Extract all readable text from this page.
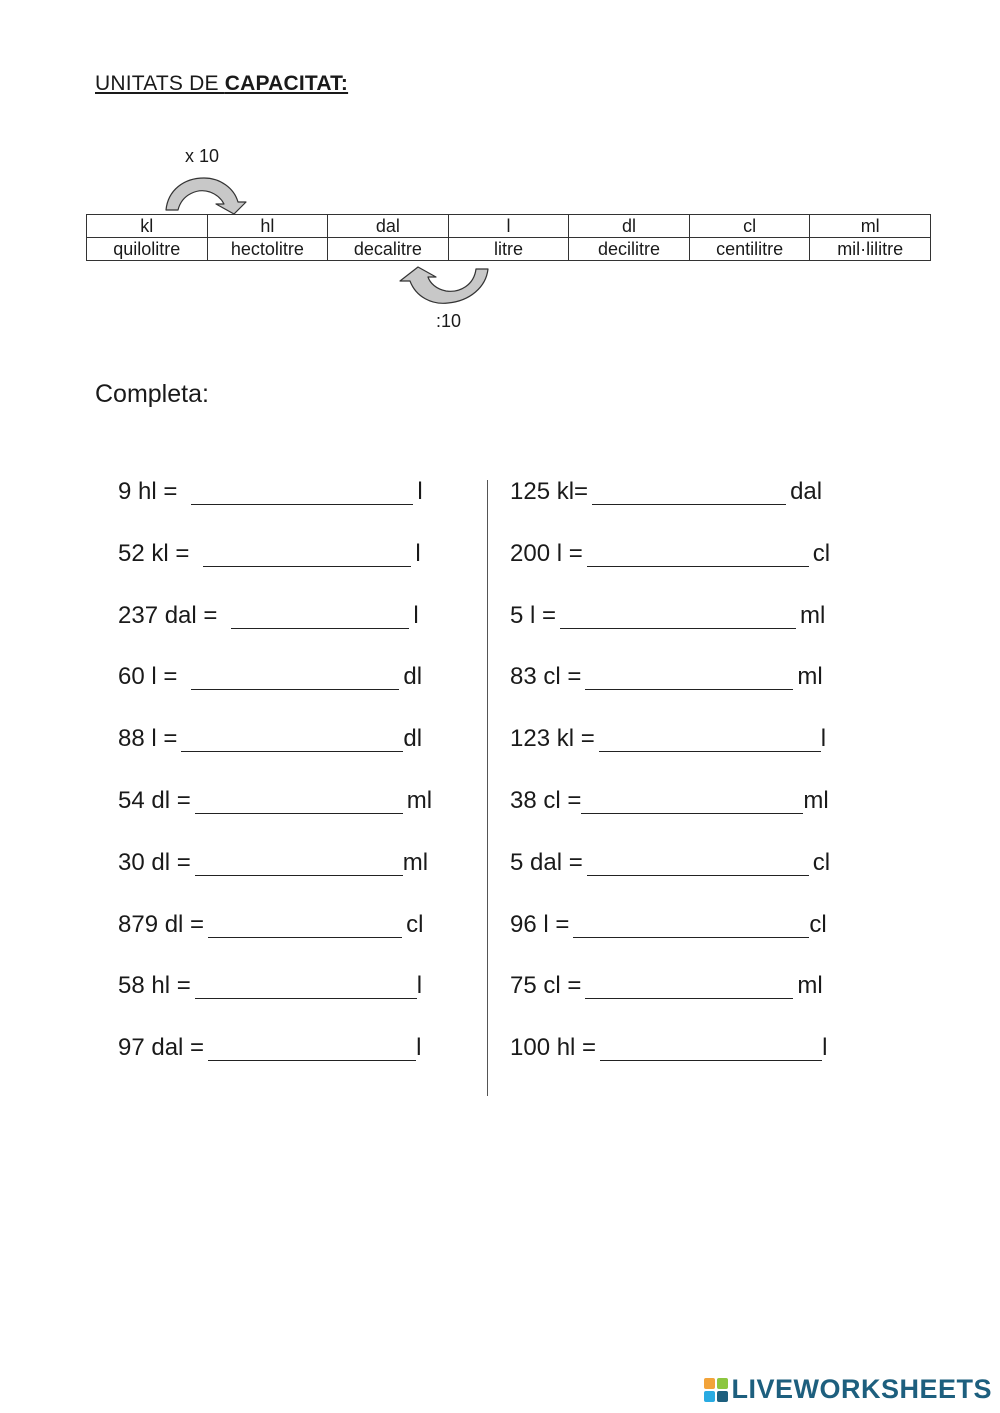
UNITATS DE CAPACITAT:
x 10
kl	hl	dal	l	dl	cl	ml
quilolitre	hectolitre	decalitre	litre	decilitre	centilitre	mil·lilitre
:10
Completa:
9 hl =	l
52 kl =	l
237 dal =	l
60 l =	dl
88 l =	dl
54 dl =	ml
30 dl =	ml
879 dl =	cl
58 hl =	l
97 dal =	l
125 kl=	dal
200 l =	cl
5 l =	ml
83 cl =	ml
123 kl =	l
38 cl =	ml
5 dal =	cl
96 l =	cl
75 cl =	ml
100 hl =	l
LIVEWORKSHEETS
